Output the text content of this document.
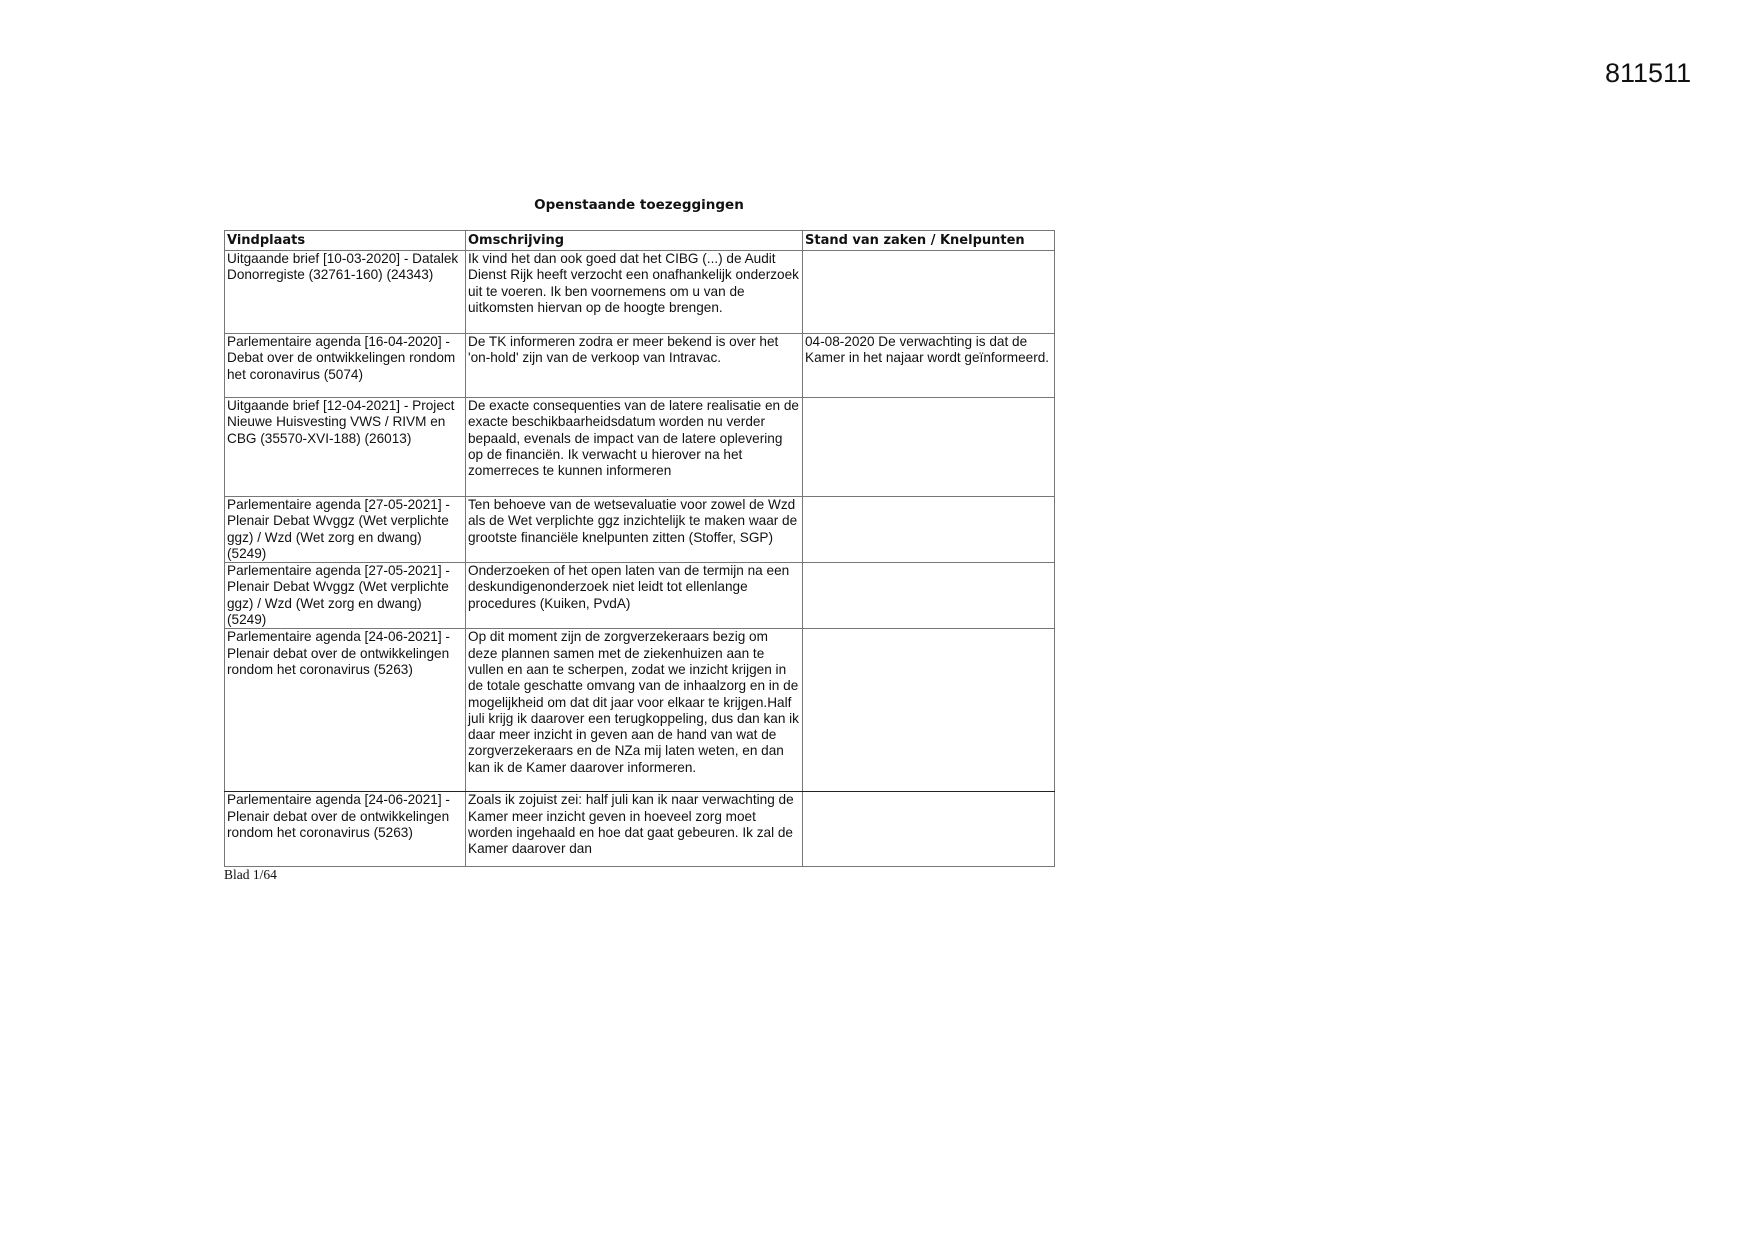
811511
Openstaande toezeggingen
Vindplaats	Omschrijving	Stand van zaken / Knelpunten
Uitgaande brief [10-03-2020] - Datalek Donorregiste (32761-160) (24343)	Ik vind het dan ook goed dat het CIBG (...) de Audit Dienst Rijk heeft verzocht een onafhankelijk onderzoek uit te voeren. Ik ben voornemens om u van de uitkomsten hiervan op de hoogte brengen.	
Parlementaire agenda [16-04-2020] - Debat over de ontwikkelingen rondom het coronavirus (5074)	De TK informeren zodra er meer bekend is over het 'on-hold' zijn van de verkoop van Intravac.	04-08-2020 De verwachting is dat de Kamer in het najaar wordt geïnformeerd.
Uitgaande brief [12-04-2021] - Project Nieuwe Huisvesting VWS / RIVM en CBG (35570-XVI-188) (26013)	De exacte consequenties van de latere realisatie en de exacte beschikbaarheidsdatum worden nu verder bepaald, evenals de impact van de latere oplevering op de financiën. Ik verwacht u hierover na het zomerreces te kunnen informeren	
Parlementaire agenda [27-05-2021] - Plenair Debat Wvggz (Wet verplichte ggz) / Wzd (Wet zorg en dwang) (5249)	Ten behoeve van de wetsevaluatie voor zowel de Wzd als de Wet verplichte ggz inzichtelijk te maken waar de grootste financiële knelpunten zitten (Stoffer, SGP)	
Parlementaire agenda [27-05-2021] - Plenair Debat Wvggz (Wet verplichte ggz) / Wzd (Wet zorg en dwang) (5249)	Onderzoeken of het open laten van de termijn na een deskundigenonderzoek niet leidt tot ellenlange procedures (Kuiken, PvdA)	
Parlementaire agenda [24-06-2021] - Plenair debat over de ontwikkelingen rondom het coronavirus (5263)	Op dit moment zijn de zorgverzekeraars bezig om deze plannen samen met de ziekenhuizen aan te vullen en aan te scherpen, zodat we inzicht krijgen in de totale geschatte omvang van de inhaalzorg en in de mogelijkheid om dat dit jaar voor elkaar te krijgen.Half juli krijg ik daarover een terugkoppeling, dus dan kan ik daar meer inzicht in geven aan de hand van wat de zorgverzekeraars en de NZa mij laten weten, en dan kan ik de Kamer daarover informeren.	
Parlementaire agenda [24-06-2021] - Plenair debat over de ontwikkelingen rondom het coronavirus (5263)	Zoals ik zojuist zei: half juli kan ik naar verwachting de Kamer meer inzicht geven in hoeveel zorg moet worden ingehaald en hoe dat gaat gebeuren. Ik zal de Kamer daarover dan	
Blad 1/64
